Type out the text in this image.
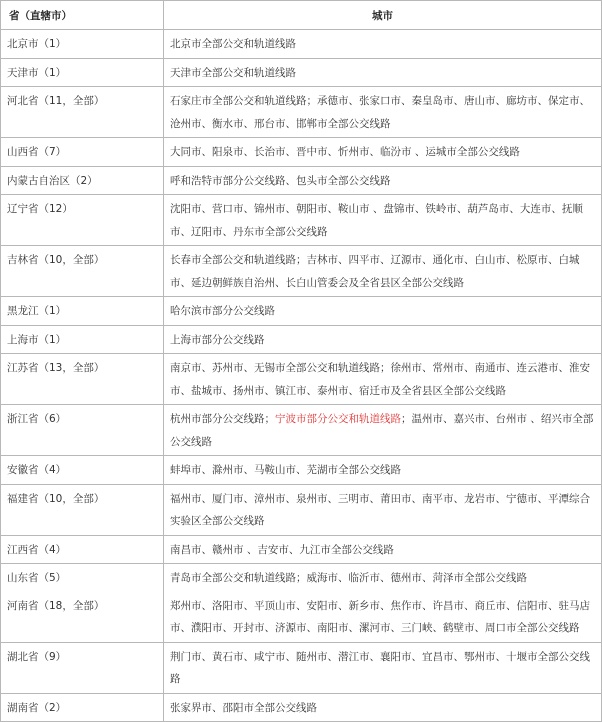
省（直辖市）	城市
北京市（1）	北京市全部公交和轨道线路
天津市（1）	天津市全部公交和轨道线路
河北省（11，全部）	石家庄市全部公交和轨道线路；承德市、张家口市、秦皇岛市、唐山市、廊坊市、保定市、沧州市、衡水市、邢台市、邯郸市全部公交线路
山西省（7）	大同市、阳泉市、长治市、晋中市、忻州市、临汾市 、运城市全部公交线路
内蒙古自治区（2）	呼和浩特市部分公交线路、包头市全部公交线路
辽宁省（12）	沈阳市、营口市、锦州市、朝阳市、鞍山市 、盘锦市、铁岭市、葫芦岛市、大连市、抚顺市、辽阳市、丹东市全部公交线路
吉林省（10，全部）	长春市全部公交和轨道线路；吉林市、四平市、辽源市、通化市、白山市、松原市、白城市、延边朝鲜族自治州、长白山管委会及全省县区全部公交线路
黑龙江（1）	哈尔滨市部分公交线路
上海市（1）	上海市部分公交线路
江苏省（13，全部）	南京市、苏州市、无锡市全部公交和轨道线路；徐州市、常州市、南通市、连云港市、淮安市、盐城市、扬州市、镇江市、泰州市、宿迁市及全省县区全部公交线路
浙江省（6）	杭州市部分公交线路；宁波市部分公交和轨道线路；温州市、嘉兴市、台州市 、绍兴市全部公交线路
安徽省（4）	蚌埠市、滁州市、马鞍山市、芜湖市全部公交线路
福建省（10，全部）	福州市、厦门市、漳州市、泉州市、三明市、莆田市、南平市、龙岩市、宁德市、平潭综合实验区全部公交线路
江西省（4）	南昌市、赣州市 、吉安市、九江市全部公交线路
山东省（5）	青岛市全部公交和轨道线路；威海市、临沂市、德州市、菏泽市全部公交线路
河南省（18，全部）	郑州市、洛阳市、平顶山市、安阳市、新乡市、焦作市、许昌市、商丘市、信阳市、驻马店市、濮阳市、开封市、济源市、南阳市、漯河市、三门峡、鹤壁市、周口市全部公交线路
湖北省（9）	荆门市、黄石市、咸宁市、随州市、潜江市、襄阳市、宜昌市、鄂州市、十堰市全部公交线路
湖南省（2）	张家界市、邵阳市全部公交线路
